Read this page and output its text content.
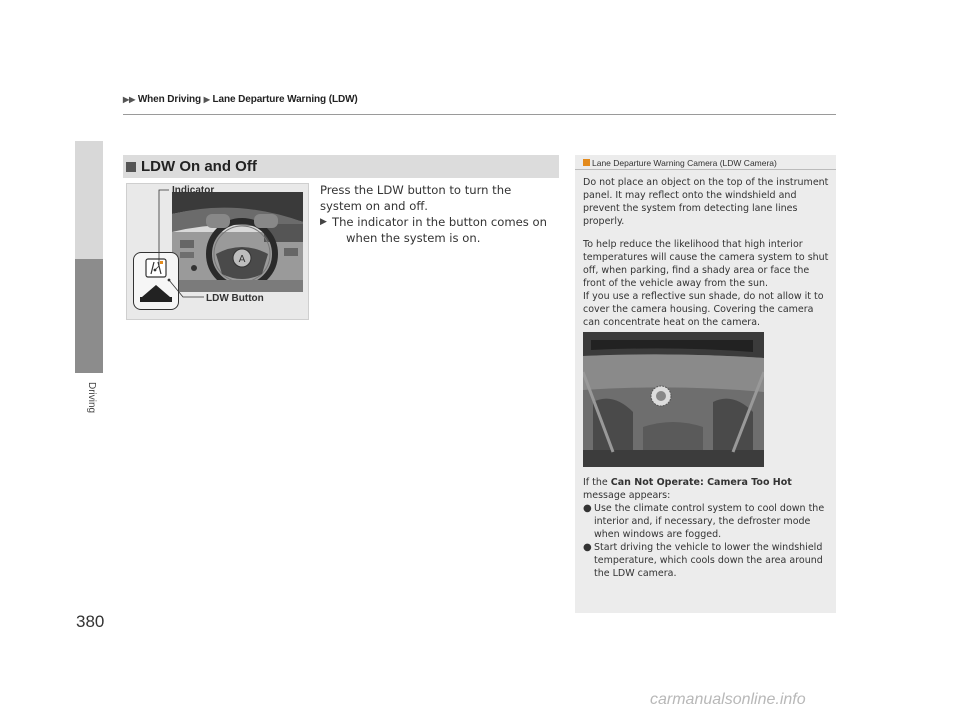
▶▶ When Driving ▶ Lane Departure Warning (LDW)
Driving
380
LDW On and Off
A
Indicator
LDW Button
Press the LDW button to turn the system on and off.
▶ The indicator in the button comes on
when the system is on.
Lane Departure Warning Camera (LDW Camera)

Do not place an object on the top of the instrument panel. It may reflect onto the windshield and prevent the system from detecting lane lines properly.

To help reduce the likelihood that high interior temperatures will cause the camera system to shut off, when parking, find a shady area or face the front of the vehicle away from the sun.

If you use a reflective sun shade, do not allow it to cover the camera housing. Covering the camera can concentrate heat on the camera.

If the Can Not Operate: Camera Too Hot message appears:

● Use the climate control system to cool down the interior and, if necessary, the defroster mode when windows are fogged.

● Start driving the vehicle to lower the windshield temperature, which cools down the area around the LDW camera.

carmanualsonline.info
